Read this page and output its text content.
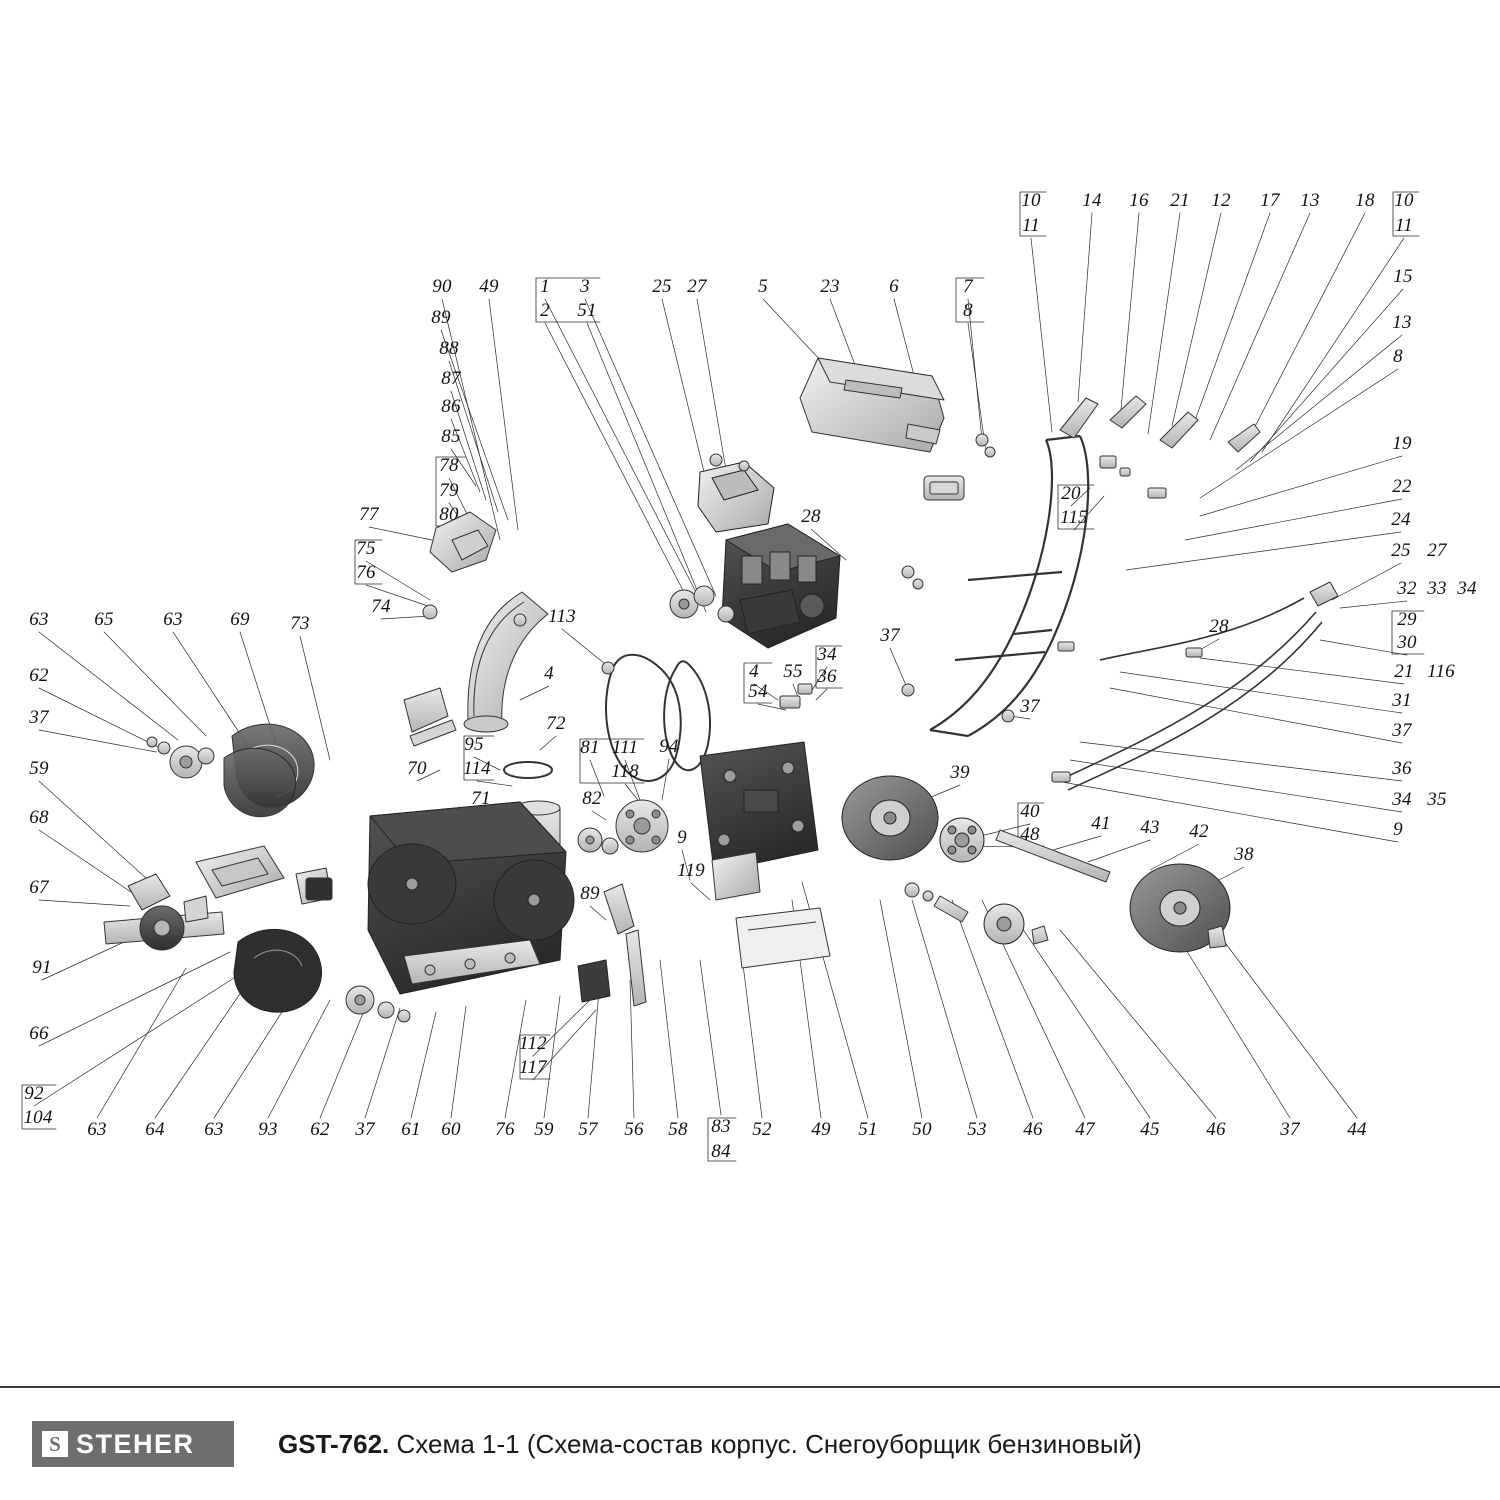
10
11
14 16 21 12 17 13 18 10
11
15
13
8
19
22
24
25 27
32 33 34
29
30
21 116
31
37
36
34 35
9
90 49 1 3
2 51
89
88
87
86
85
78
79
80
77
75
76
74	113
25 27	5	23	6	7
8
28
20
115
28
37
37
4	4
54
55
34
36
72
95
114
70
71
81 111
118
82
94
9
119
89
39
40
48
41 43 42
38
63 65	63	69 73
62
37
59
68
67
91
66
92
104
63 64 63 93 62 37 61 60 76 59 57 56 58 83
84
52 49 51 50 53 46 47 45 46	37	44
112
117
S STEHER	GST-762. Схема 1-1 (Схема-состав корпус. Снегоуборщик бензиновый)
